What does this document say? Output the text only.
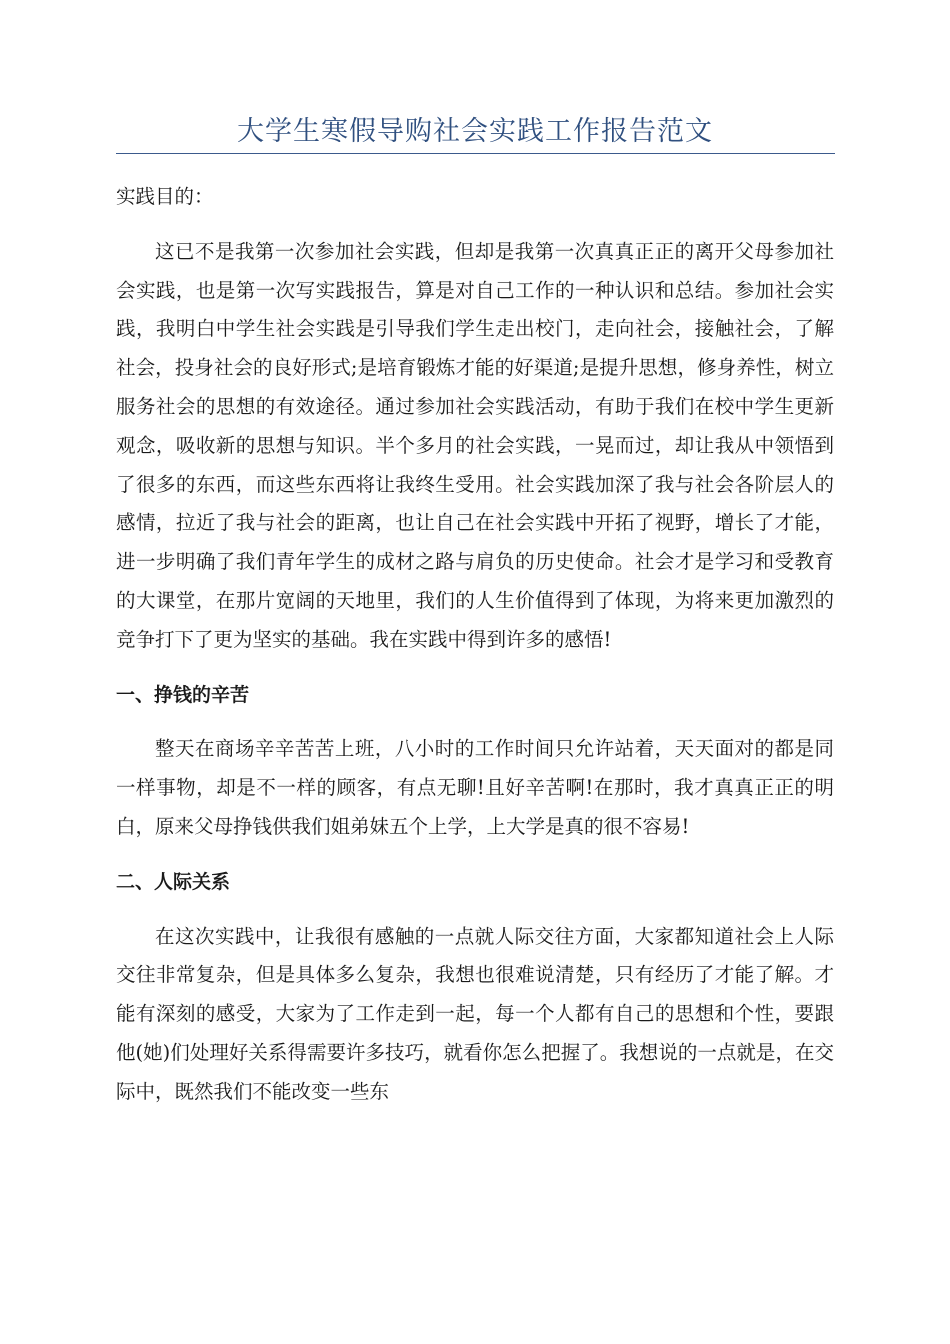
大学生寒假导购社会实践工作报告范文

实践目的：

这已不是我第一次参加社会实践，但却是我第一次真真正正的离开父母参加社会实践，也是第一次写实践报告，算是对自己工作的一种认识和总结。参加社会实践，我明白中学生社会实践是引导我们学生走出校门，走向社会，接触社会，了解社会，投身社会的良好形式;是培育锻炼才能的好渠道;是提升思想，修身养性，树立服务社会的思想的有效途径。通过参加社会实践活动，有助于我们在校中学生更新观念，吸收新的思想与知识。半个多月的社会实践，一晃而过，却让我从中领悟到了很多的东西，而这些东西将让我终生受用。社会实践加深了我与社会各阶层人的感情，拉近了我与社会的距离，也让自己在社会实践中开拓了视野，增长了才能，进一步明确了我们青年学生的成材之路与肩负的历史使命。社会才是学习和受教育的大课堂，在那片宽阔的天地里，我们的人生价值得到了体现，为将来更加激烈的竞争打下了更为坚实的基础。我在实践中得到许多的感悟!

一、挣钱的辛苦

整天在商场辛辛苦苦上班，八小时的工作时间只允许站着，天天面对的都是同一样事物，却是不一样的顾客，有点无聊!且好辛苦啊!在那时，我才真真正正的明白，原来父母挣钱供我们姐弟妹五个上学，上大学是真的很不容易!

二、人际关系

在这次实践中，让我很有感触的一点就人际交往方面，大家都知道社会上人际交往非常复杂，但是具体多么复杂，我想也很难说清楚，只有经历了才能了解。才能有深刻的感受，大家为了工作走到一起，每一个人都有自己的思想和个性，要跟他(她)们处理好关系得需要许多技巧，就看你怎么把握了。我想说的一点就是，在交际中，既然我们不能改变一些东
